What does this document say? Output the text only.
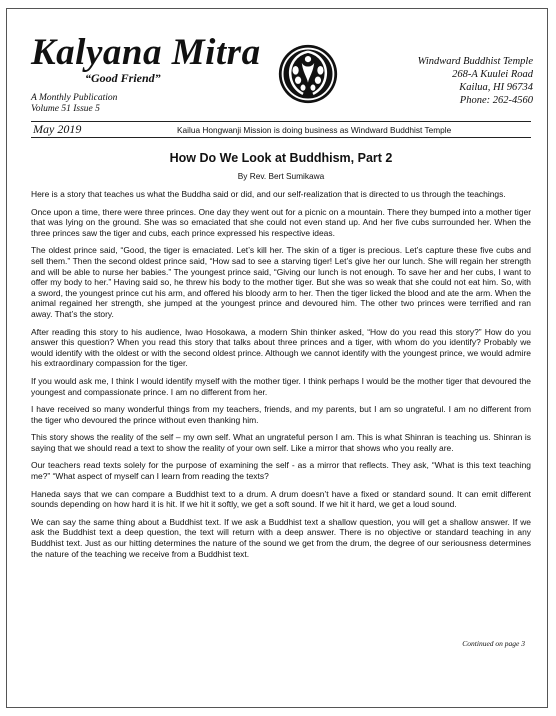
Kalyana Mitra
“Good Friend”
A Monthly Publication
Volume 51 Issue 5
Windward Buddhist Temple
268-A Kuulei Road
Kailua, HI 96734
Phone: 262-4560
May 2019	Kailua Hongwanji Mission is doing business as Windward Buddhist Temple
How Do We Look at Buddhism, Part 2
By Rev. Bert Sumikawa

Here is a story that teaches us what the Buddha said or did, and our self-realization that is directed to us through the teachings.

Once upon a time, there were three princes. One day they went out for a picnic on a mountain. There they bumped into a mother tiger that was lying on the ground. She was so emaciated that she could not even stand up. And her five cubs surrounded her. When the three princes saw the tiger and cubs, each prince expressed his respective ideas.

The oldest prince said, “Good, the tiger is emaciated. Let’s kill her. The skin of a tiger is precious. Let’s capture these five cubs and sell them.” Then the second oldest prince said, “How sad to see a starving tiger! Let’s give her our lunch. She will regain her strength and will be able to nurse her babies.” The youngest prince said, “Giving our lunch is not enough. To save her and her cubs, I want to offer my body to her.” Having said so, he threw his body to the mother tiger. But she was so weak that she could not eat him. So, with a sword, the youngest prince cut his arm, and offered his bloody arm to her. Then the tiger licked the blood and ate the arm. When the animal regained her strength, she jumped at the youngest prince and devoured him. The other two princes were terrified and ran away. That’s the story.

After reading this story to his audience, Iwao Hosokawa, a modern Shin thinker asked, “How do you read this story?” How do you answer this question? When you read this story that talks about three princes and a tiger, with whom do you identify? Probably we would identify with the oldest or with the second oldest prince. Although we cannot identify with the youngest prince, we would admire his extraordinary compassion for the tiger.

If you would ask me, I think I would identify myself with the mother tiger. I think perhaps I would be the mother tiger that devoured the youngest and compassionate prince. I am no different from her.

I have received so many wonderful things from my teachers, friends, and my parents, but I am so ungrateful. I am no different from the tiger who devoured the prince without even thanking him.

This story shows the reality of the self – my own self. What an ungrateful person I am. This is what Shinran is teaching us. Shinran is saying that we should read a text to show the reality of your own self. Like a mirror that shows who you really are.

Our teachers read texts solely for the purpose of examining the self - as a mirror that reflects. They ask, “What is this text teaching me?” “What aspect of myself can I learn from reading the texts?

Haneda says that we can compare a Buddhist text to a drum. A drum doesn’t have a fixed or standard sound. It can emit different sounds depending on how hard it is hit. If we hit it softly, we get a soft sound. If we hit it hard, we get a loud sound.

We can say the same thing about a Buddhist text. If we ask a Buddhist text a shallow question, you will get a shallow answer. If we ask the Buddhist text a deep question, the text will return with a deep answer. There is no objective or standard teaching in any Buddhist text. Just as our hitting determines the nature of the sound we get from the drum, the degree of our seriousness determines the nature of the teaching we receive from a Buddhist text.

Continued on page 3
